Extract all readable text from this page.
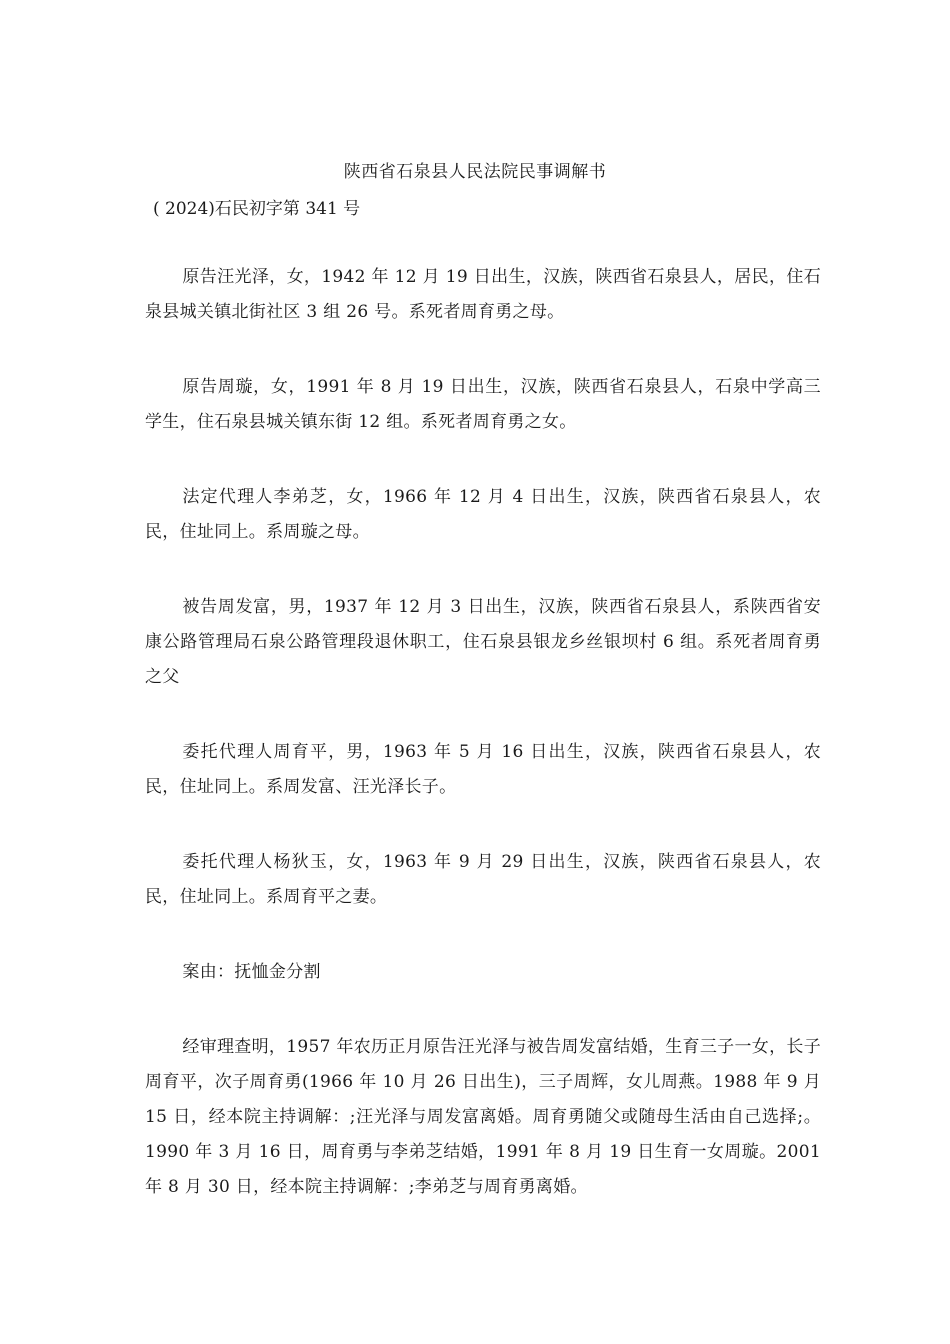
陕西省石泉县人民法院民事调解书
( 2024)石民初字第 341 号

原告汪光泽，女，1942 年 12 月 19 日出生，汉族，陕西省石泉县人，居民，住石泉县城关镇北街社区 3 组 26 号。系死者周育勇之母。

原告周璇，女，1991 年 8 月 19 日出生，汉族，陕西省石泉县人，石泉中学高三学生，住石泉县城关镇东街 12 组。系死者周育勇之女。

法定代理人李弟芝，女，1966 年 12 月 4 日出生，汉族，陕西省石泉县人，农民，住址同上。系周璇之母。

被告周发富，男，1937 年 12 月 3 日出生，汉族，陕西省石泉县人，系陕西省安康公路管理局石泉公路管理段退休职工，住石泉县银龙乡丝银坝村 6 组。系死者周育勇之父

委托代理人周育平，男，1963 年 5 月 16 日出生，汉族，陕西省石泉县人，农民，住址同上。系周发富、汪光泽长子。

委托代理人杨狄玉，女，1963 年 9 月 29 日出生，汉族，陕西省石泉县人，农民，住址同上。系周育平之妻。

案由：抚恤金分割

经审理查明，1957 年农历正月原告汪光泽与被告周发富结婚，生育三子一女，长子周育平，次子周育勇(1966 年 10 月 26 日出生)，三子周辉，女儿周燕。1988 年 9 月 15 日，经本院主持调解：;汪光泽与周发富离婚。周育勇随父或随母生活由自己选择;。1990 年 3 月 16 日，周育勇与李弟芝结婚，1991 年 8 月 19 日生育一女周璇。2001 年 8 月 30 日，经本院主持调解：;李弟芝与周育勇离婚。
